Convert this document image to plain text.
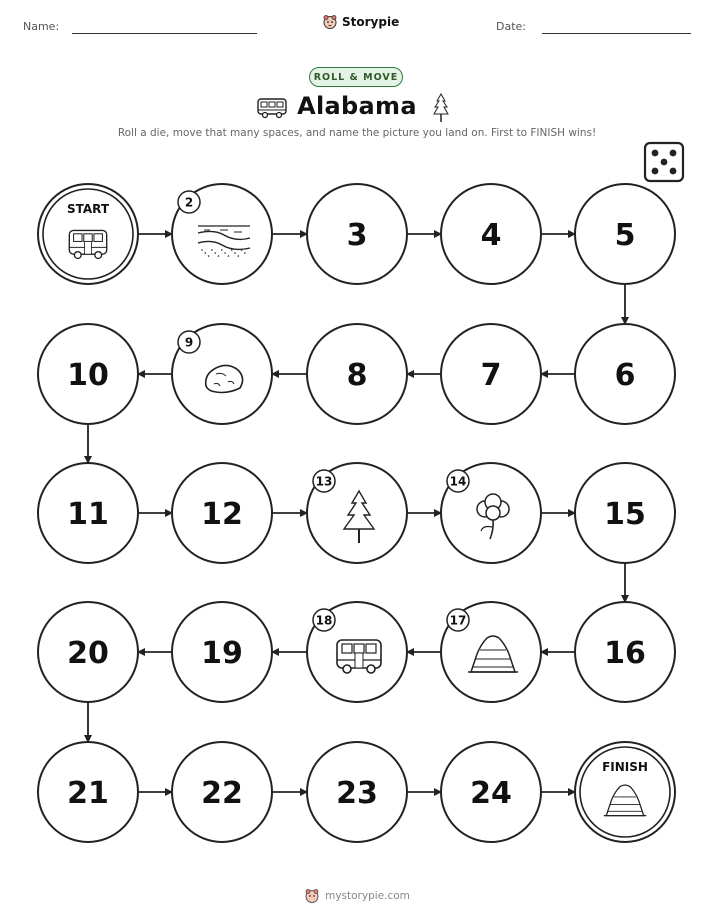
Name:	Storypie	Date:
ROLL & MOVE
Alabama
Roll a die, move that many spaces, and name the picture you land on. First to FINISH wins!
START	2
3	4	5
6
7
8
9
10
11	12
13	14
15
16
17
18
19
20
21	22	23	24
FINISH
mystorypie.com
